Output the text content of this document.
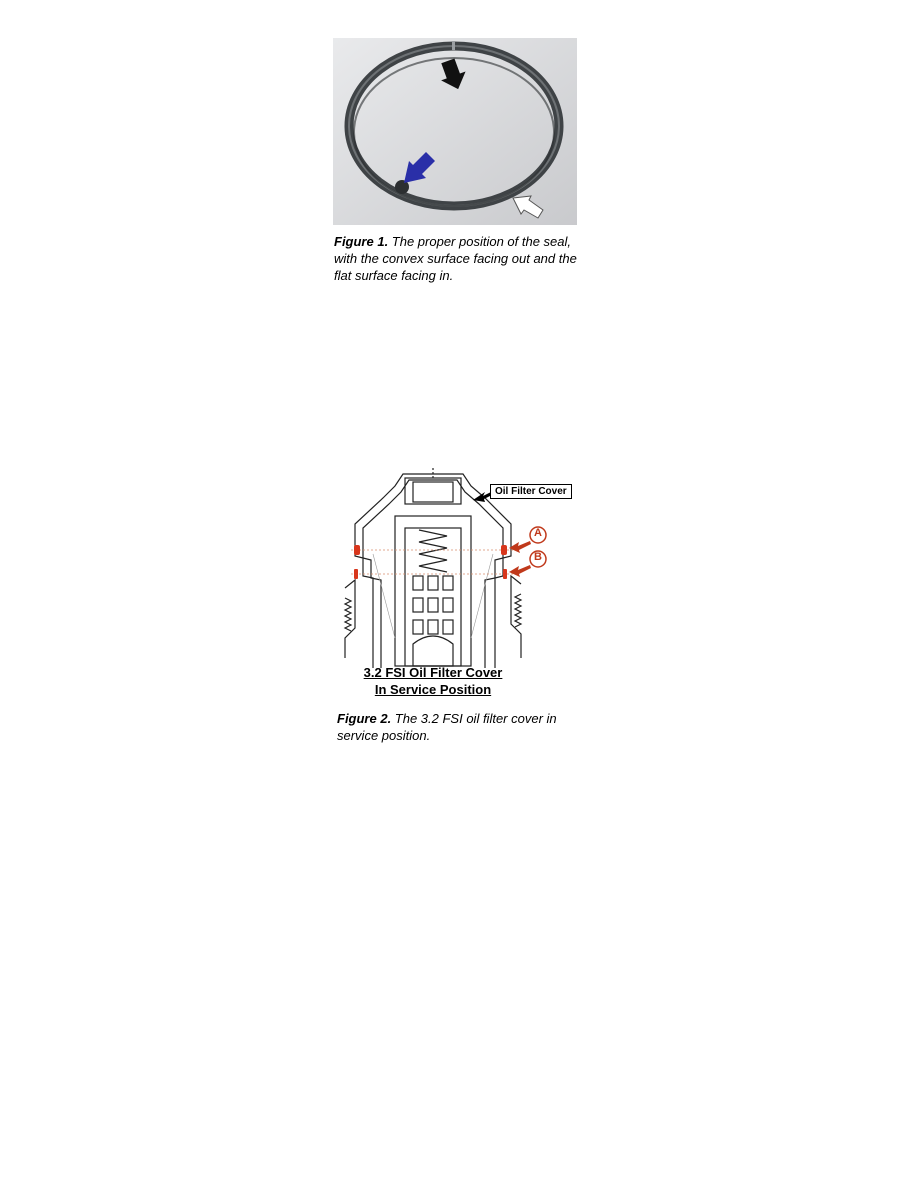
Figure 1. The proper position of the seal, with the convex surface facing out and the flat surface facing in.
Oil Filter Cover
A
B
3.2 FSI Oil Filter Cover
In Service Position
Figure 2. The 3.2 FSI oil filter cover in service position.
